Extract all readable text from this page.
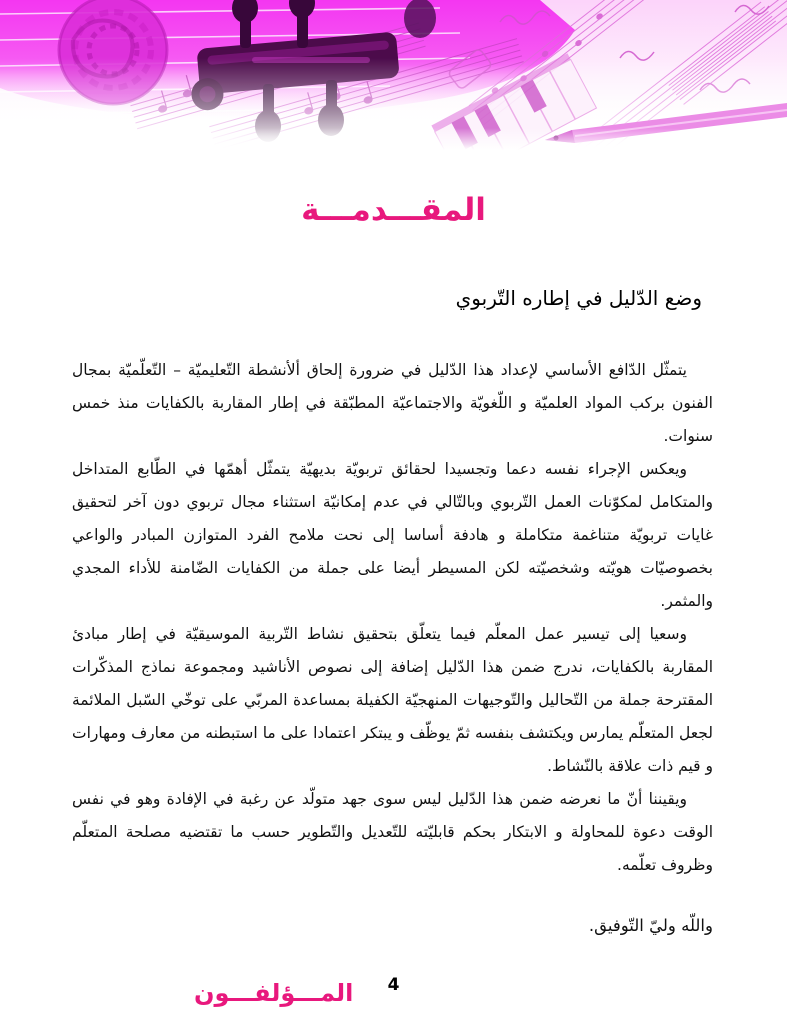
المقـــدمـــة
وضع الدّليل في إطاره التّربوي

يتمثّل الدّافع الأساسي لإعداد هذا الدّليل في ضرورة إلحاق ألأنشطة التّعليميّة – التّعلّميّة بمجال الفنون بركب المواد العلميّة و اللّغويّة والاجتماعيّة المطبّقة في إطار المقاربة بالكفايات منذ خمس سنوات.

ويعكس الإجراء نفسه دعما وتجسيدا لحقائق تربويّة بديهيّة يتمثّل أهمّها في الطّابع المتداخل والمتكامل لمكوّنات العمل التّربوي وبالتّالي في عدم إمكانيّة استثناء مجال تربوي دون آخر لتحقيق غايات تربويّة متناغمة متكاملة و هادفة أساسا إلى نحت ملامح الفرد المتوازن المبادر والواعي بخصوصيّات هويّته وشخصيّته لكن المسيطر أيضا على جملة من الكفايات الضّامنة للأداء المجدي والمثمر.

وسعيا إلى تيسير عمل المعلّم فيما يتعلّق بتحقيق نشاط التّربية الموسيقيّة في إطار مبادئ المقاربة بالكفايات، ندرج ضمن هذا الدّليل إضافة إلى نصوص الأناشيد ومجموعة نماذج المذكّرات المقترحة جملة من التّحاليل والتّوجيهات المنهجيّة الكفيلة بمساعدة المربّي على توخّي السّبل الملائمة لجعل المتعلّم يمارس ويكتشف بنفسه ثمّ يوظّف و يبتكر اعتمادا على ما استبطنه من معارف ومهارات و قيم ذات علاقة بالنّشاط.

ويقيننا أنّ ما نعرضه ضمن هذا الدّليل ليس سوى جهد متولّد عن رغبة في الإفادة وهو في نفس الوقت دعوة للمحاولة و الابتكار بحكم قابليّته للتّعديل والتّطوير حسب ما تقتضيه مصلحة المتعلّم وظروف تعلّمه.

واللّه وليّ التّوفيق.
المـــؤلفـــون	4
